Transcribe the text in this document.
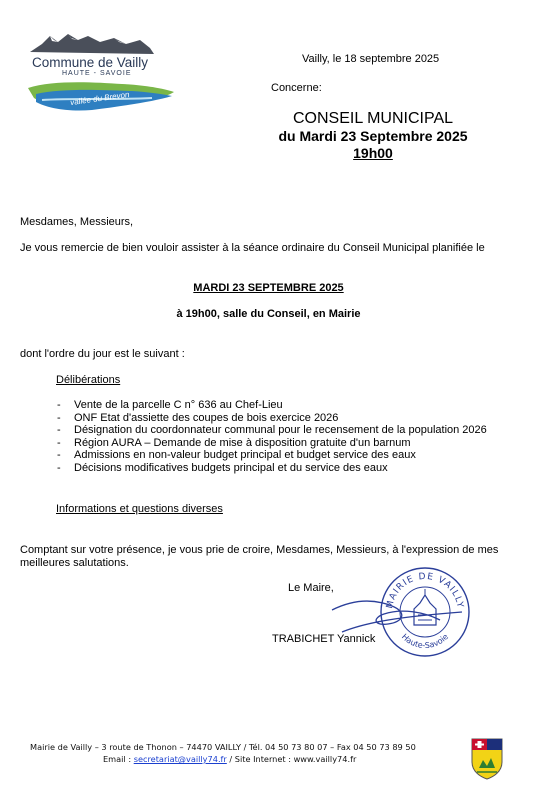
Commune de Vailly
HAUTE - SAVOIE
vallée du Brevon
Vailly, le 18 septembre 2025
Concerne:
CONSEIL MUNICIPAL
du Mardi 23 Septembre 2025
19h00
Mesdames, Messieurs,
Je vous remercie de bien vouloir assister à la séance ordinaire du Conseil Municipal planifiée le
MARDI 23 SEPTEMBRE 2025
à 19h00, salle du Conseil, en Mairie
dont l'ordre du jour est le suivant :
Délibérations
- Vente de la parcelle C n° 636 au Chef-Lieu
- ONF Etat d'assiette des coupes de bois exercice 2026
- Désignation du coordonnateur communal pour le recensement de la population 2026
- Région AURA – Demande de mise à disposition gratuite d'un barnum
- Admissions en non-valeur budget principal et budget service des eaux
- Décisions modificatives budgets principal et du service des eaux
Informations et questions diverses
Comptant sur votre présence, je vous prie de croire, Mesdames, Messieurs, à l'expression de mes
meilleures salutations.
Le Maire,
MAIRIE DE VAILLY
Haute-Savoie
TRABICHET Yannick
Mairie de Vailly – 3 route de Thonon – 74470 VAILLY / Tél. 04 50 73 80 07 – Fax 04 50 73 89 50
Email : secretariat@vailly74.fr / Site Internet : www.vailly74.fr
